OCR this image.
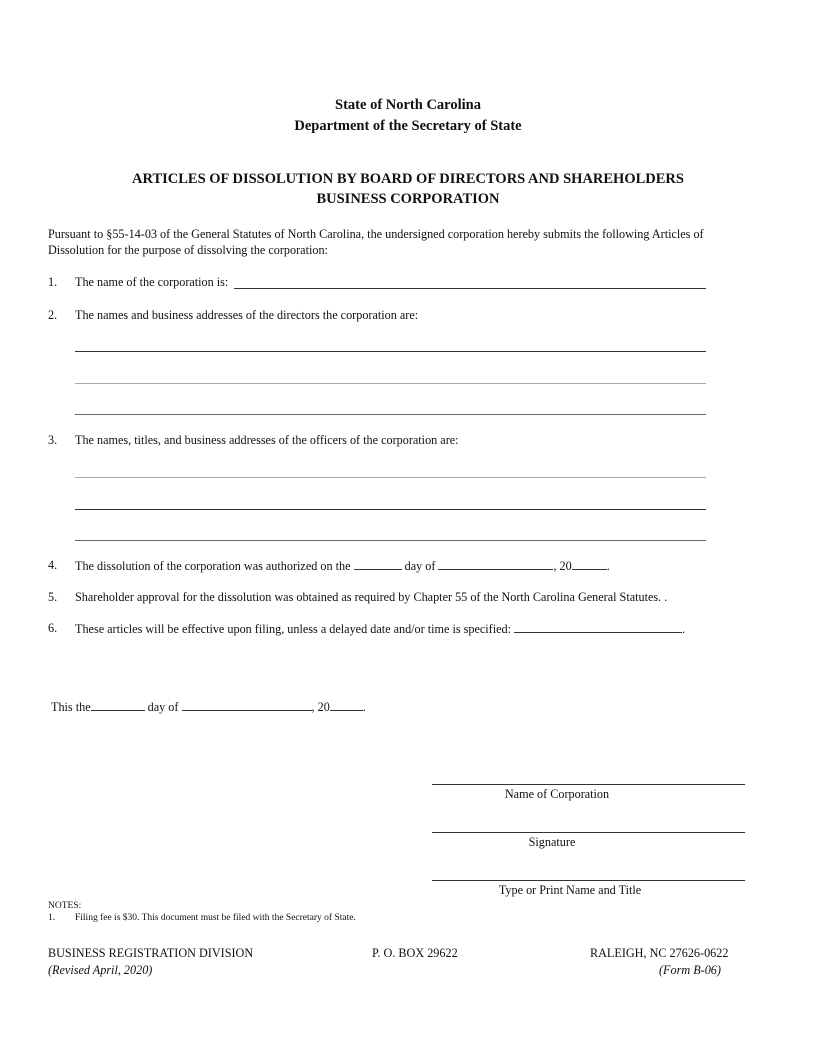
State of North Carolina
Department of the Secretary of State
ARTICLES OF DISSOLUTION BY BOARD OF DIRECTORS AND SHAREHOLDERS
BUSINESS CORPORATION
Pursuant to §55-14-03 of the General Statutes of North Carolina, the undersigned corporation hereby submits the following Articles of
Dissolution for the purpose of dissolving the corporation:
1. The name of the corporation is:
2. The names and business addresses of the directors the corporation are:
3. The names, titles, and business addresses of the officers of the corporation are:
4. The dissolution of the corporation was authorized on the	day of	, 20	.
5. Shareholder approval for the dissolution was obtained as required by Chapter 55 of the North Carolina General Statutes. .
6. These articles will be effective upon filing, unless a delayed date and/or time is specified:	.
This the	day of	, 20	.
Name of Corporation
Signature
Type or Print Name and Title
NOTES:
1. Filing fee is $30. This document must be filed with the Secretary of State.
BUSINESS REGISTRATION DIVISION	P. O. BOX 29622	RALEIGH, NC 27626-0622
(Revised April, 2020)	(Form B-06)
